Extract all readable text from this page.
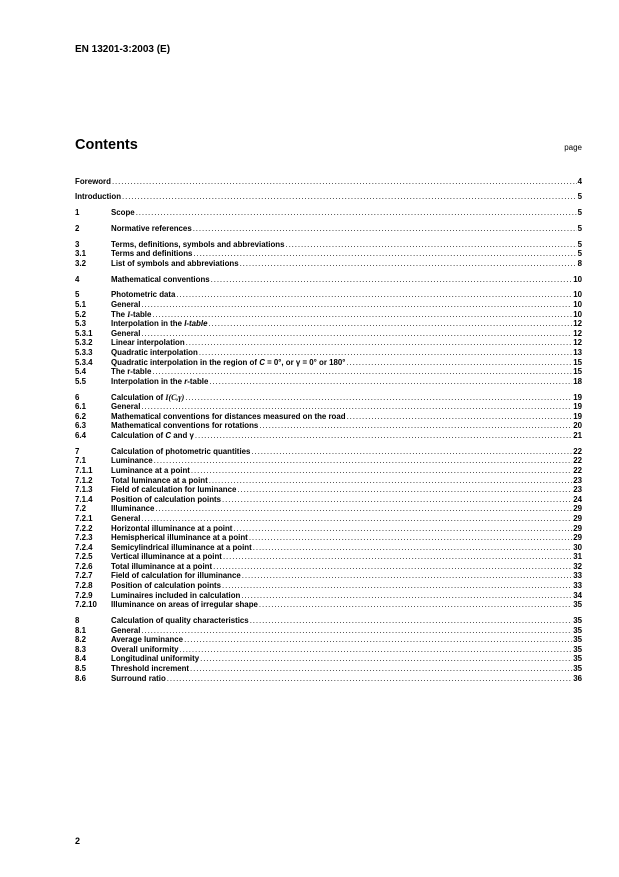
EN 13201-3:2003 (E)
Contents	page
Foreword .....	4
Introduction .....	5
1	Scope .....	5
2	Normative references .....	5
3	Terms, definitions, symbols and abbreviations .....	5
3.1	Terms and definitions .....	5
3.2	List of symbols and abbreviations .....	8
4	Mathematical conventions .....	10
5	Photometric data .....	10
5.1	General .....	10
5.2	The I-table .....	10
5.3	Interpolation in the I-table .....	12
5.3.1	General .....	12
5.3.2	Linear interpolation .....	12
5.3.3	Quadratic interpolation .....	13
5.3.4	Quadratic interpolation in the region of C = 0°, or γ = 0° or 180° .....	15
5.4	The r-table .....	15
5.5	Interpolation in the r-table .....	18
6	Calculation of I(C,γ) .....	19
6.1	General .....	19
6.2	Mathematical conventions for distances measured on the road .....	19
6.3	Mathematical conventions for rotations .....	20
6.4	Calculation of C and γ .....	21
7	Calculation of photometric quantities .....	22
7.1	Luminance .....	22
7.1.1	Luminance at a point .....	22
7.1.2	Total luminance at a point .....	23
7.1.3	Field of calculation for luminance .....	23
7.1.4	Position of calculation points .....	24
7.2	Illuminance .....	29
7.2.1	General .....	29
7.2.2	Horizontal illuminance at a point .....	29
7.2.3	Hemispherical illuminance at a point .....	29
7.2.4	Semicylindrical illuminance at a point .....	30
7.2.5	Vertical illuminance at a point .....	31
7.2.6	Total illuminance at a point .....	32
7.2.7	Field of calculation for illuminance .....	33
7.2.8	Position of calculation points .....	33
7.2.9	Luminaires included in calculation .....	34
7.2.10	Illuminance on areas of irregular shape .....	35
8	Calculation of quality characteristics .....	35
8.1	General .....	35
8.2	Average luminance .....	35
8.3	Overall uniformity .....	35
8.4	Longitudinal uniformity .....	35
8.5	Threshold increment .....	35
8.6	Surround ratio .....	36
2
